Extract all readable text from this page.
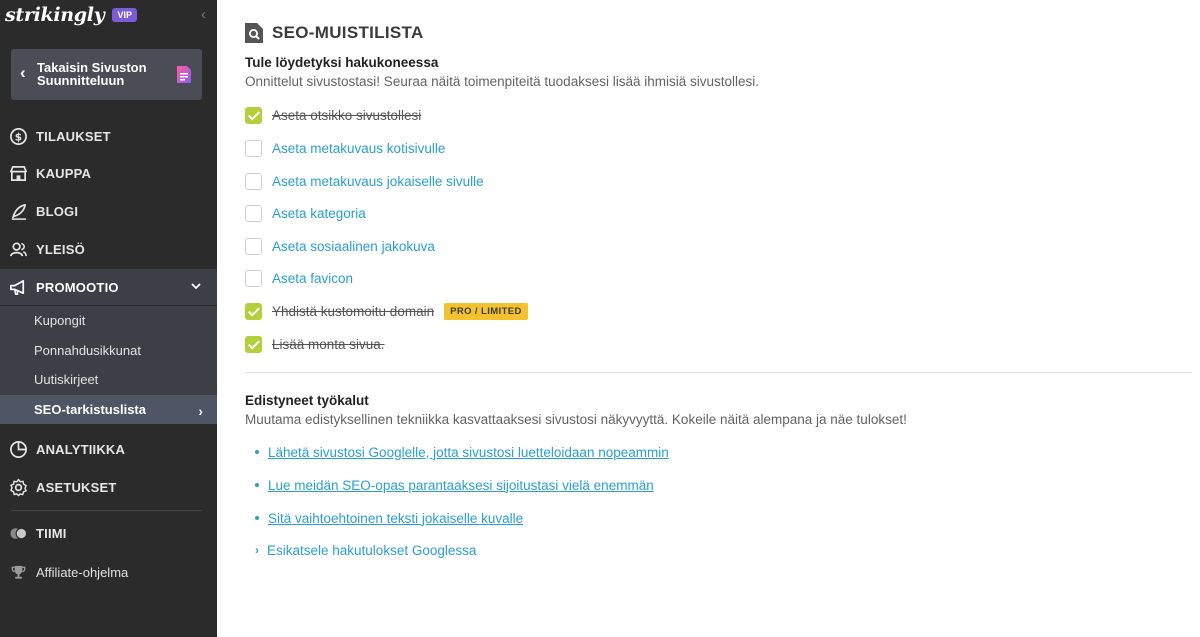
strikingly	VIP	‹
‹ Takaisin Sivuston Suunnitteluun
$ TILAUKSET
KAUPPA
BLOGI
YLEISÖ
PROMOOTIO
Kupongit
Ponnahdusikkunat
Uutiskirjeet
SEO-tarkistuslista	›
ANALYTIIKKA
ASETUKSET
TIIMI
Affiliate-ohjelma
SEO-MUISTILISTA
Tule löydetyksi hakukoneessa
Onnittelut sivustostasi! Seuraa näitä toimenpiteitä tuodaksesi lisää ihmisiä sivustollesi.
Aseta otsikko sivustollesi
Aseta metakuvaus kotisivulle
Aseta metakuvaus jokaiselle sivulle
Aseta kategoria
Aseta sosiaalinen jakokuva
Aseta favicon
Yhdistä kustomoitu domain	PRO / LIMITED
Lisää monta sivua.
Edistyneet työkalut
Muutama edistyksellinen tekniikka kasvattaaksesi sivustosi näkyvyyttä. Kokeile näitä alempana ja näe tulokset!
Lähetä sivustosi Googlelle, jotta sivustosi luetteloidaan nopeammin
Lue meidän SEO-opas parantaaksesi sijoitustasi vielä enemmän
Sitä vaihtoehtoinen teksti jokaiselle kuvalle
› Esikatsele hakutulokset Googlessa
